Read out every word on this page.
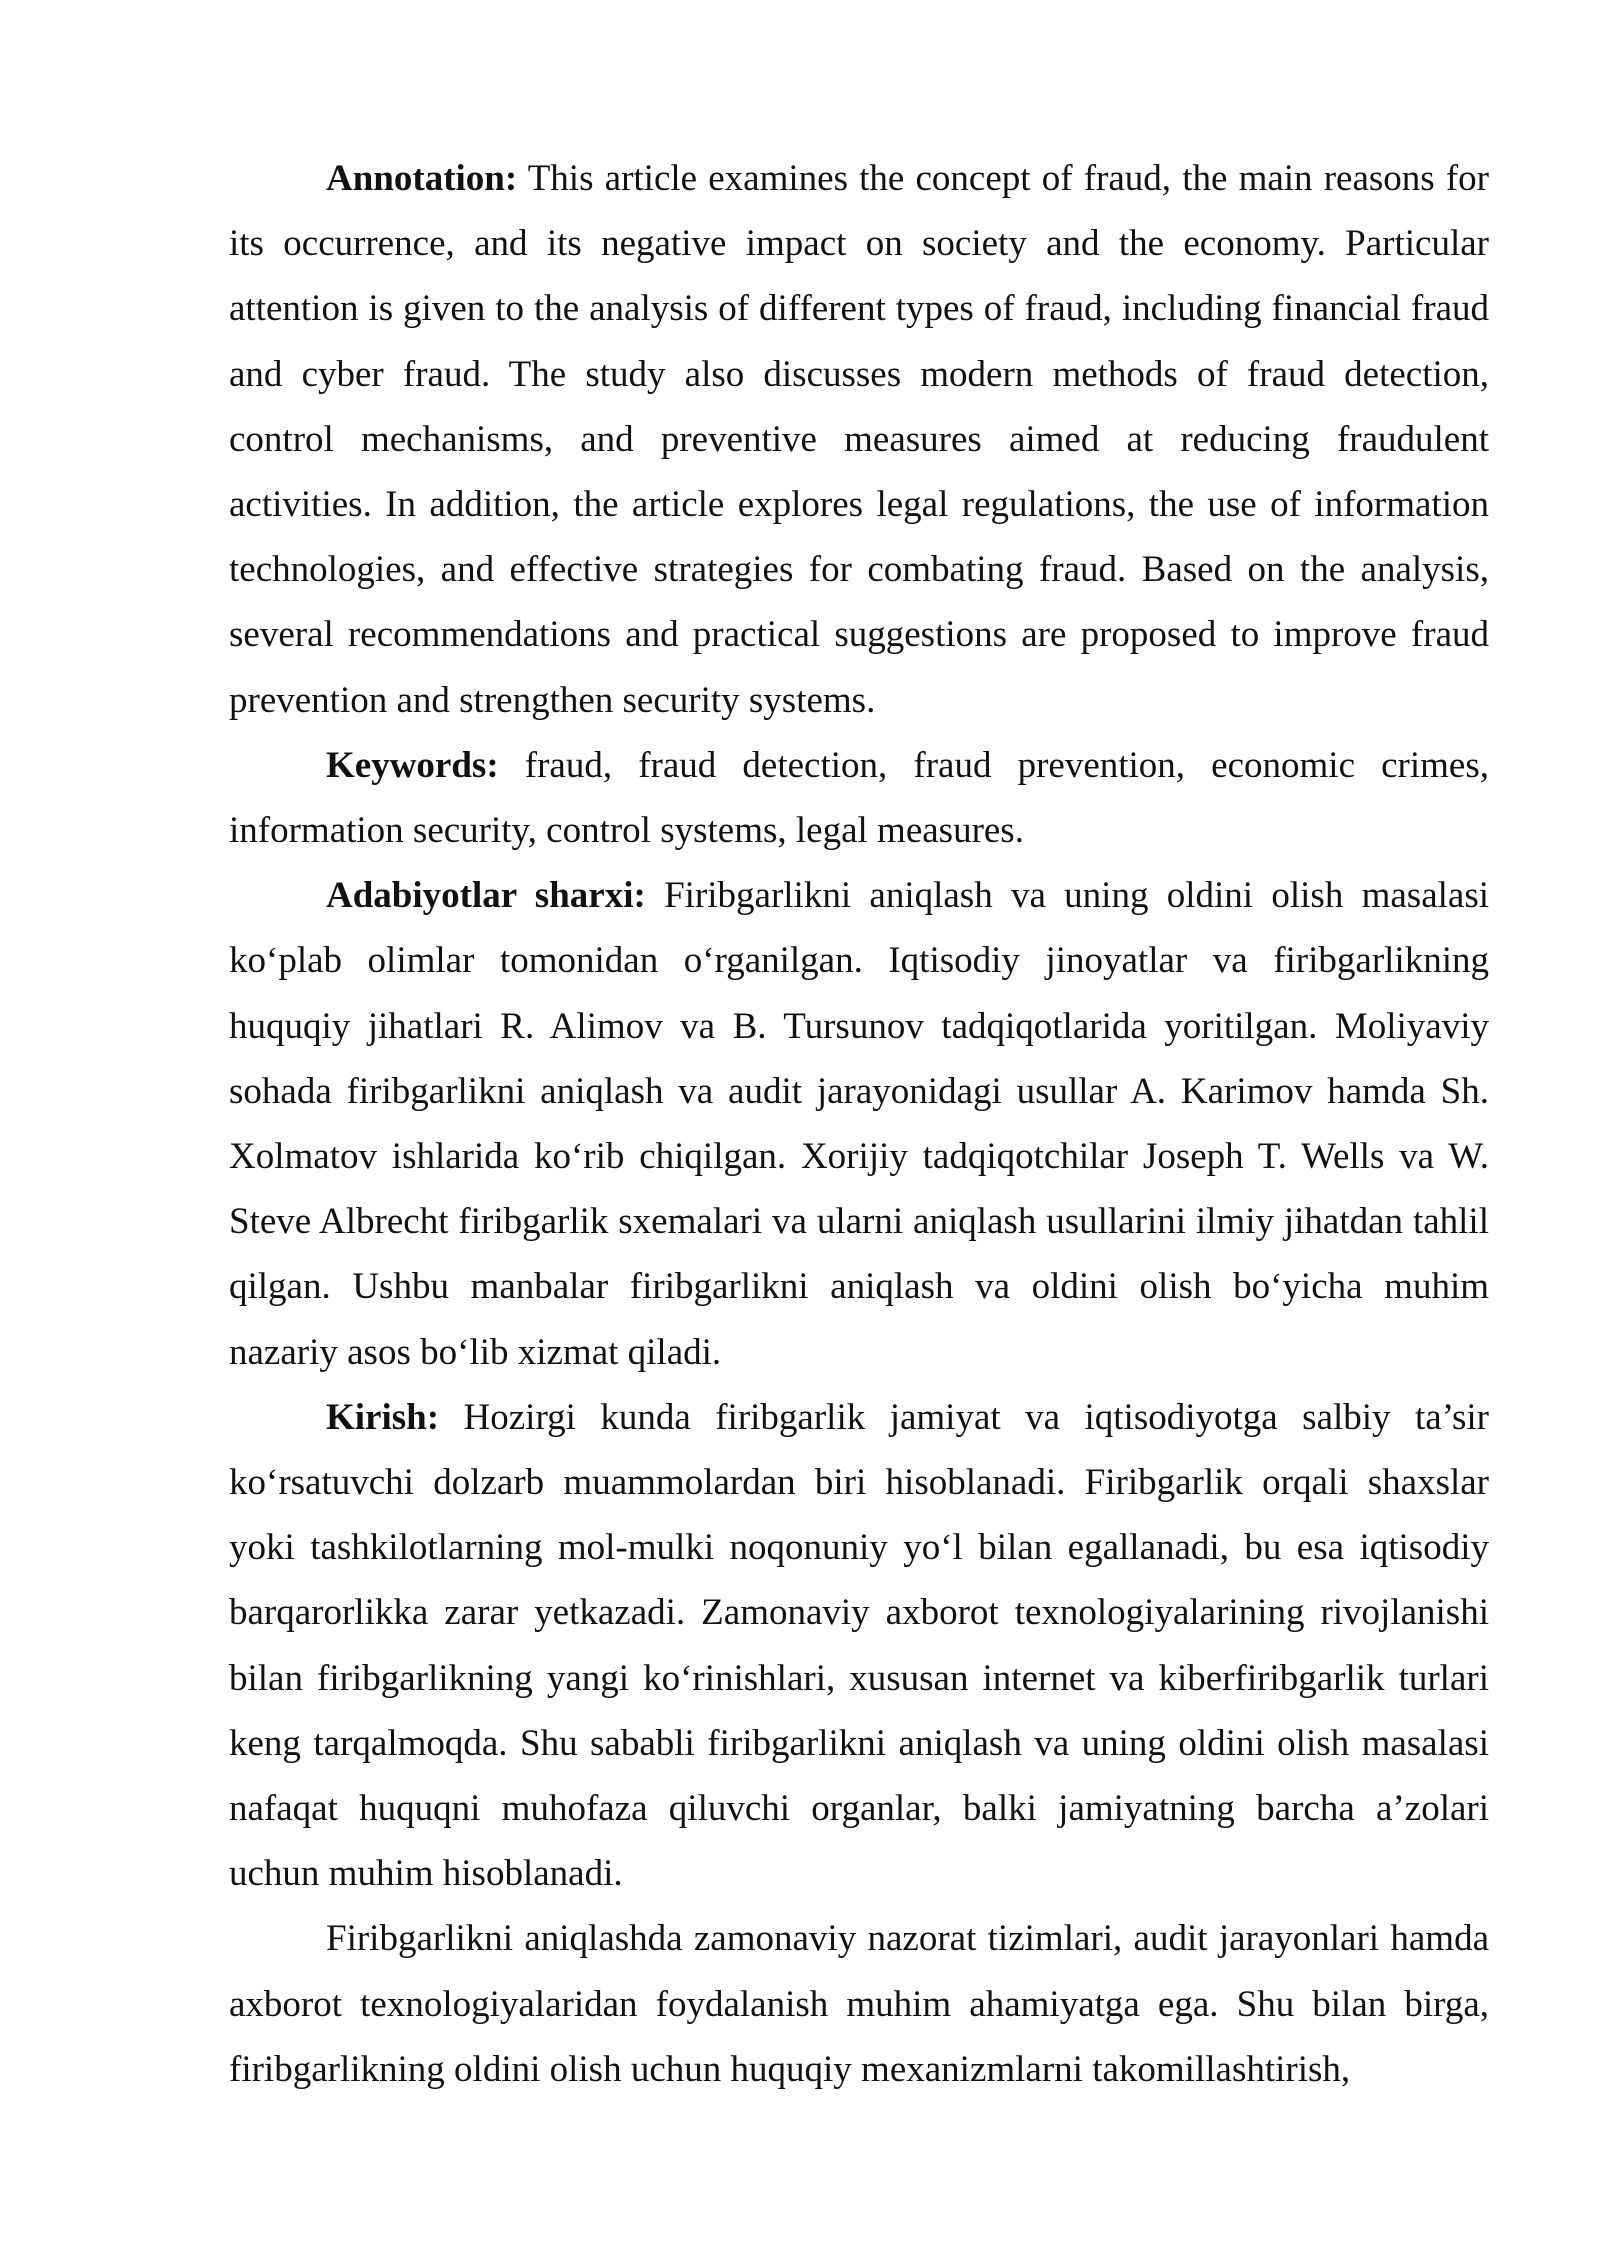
Annotation: This article examines the concept of fraud, the main reasons for its occurrence, and its negative impact on society and the economy. Particular attention is given to the analysis of different types of fraud, including financial fraud and cyber fraud. The study also discusses modern methods of fraud detection, control mechanisms, and preventive measures aimed at reducing fraudulent activities. In addition, the article explores legal regulations, the use of information technologies, and effective strategies for combating fraud. Based on the analysis, several recommendations and practical suggestions are proposed to improve fraud prevention and strengthen security systems.

Keywords: fraud, fraud detection, fraud prevention, economic crimes, information security, control systems, legal measures.

Adabiyotlar sharxi: Firibgarlikni aniqlash va uning oldini olish masalasi koʻplab olimlar tomonidan oʻrganilgan. Iqtisodiy jinoyatlar va firibgarlikning huquqiy jihatlari R. Alimov va B. Tursunov tadqiqotlarida yoritilgan. Moliyaviy sohada firibgarlikni aniqlash va audit jarayonidagi usullar A. Karimov hamda Sh. Xolmatov ishlarida koʻrib chiqilgan. Xorijiy tadqiqotchilar Joseph T. Wells va W. Steve Albrecht firibgarlik sxemalari va ularni aniqlash usullarini ilmiy jihatdan tahlil qilgan. Ushbu manbalar firibgarlikni aniqlash va oldini olish boʻyicha muhim nazariy asos boʻlib xizmat qiladi.

Kirish: Hozirgi kunda firibgarlik jamiyat va iqtisodiyotga salbiy ta’sir koʻrsatuvchi dolzarb muammolardan biri hisoblanadi. Firibgarlik orqali shaxslar yoki tashkilotlarning mol-mulki noqonuniy yoʻl bilan egallanadi, bu esa iqtisodiy barqarorlikka zarar yetkazadi. Zamonaviy axborot texnologiyalarining rivojlanishi bilan firibgarlikning yangi koʻrinishlari, xususan internet va kiberfiribgarlik turlari keng tarqalmoqda. Shu sababli firibgarlikni aniqlash va uning oldini olish masalasi nafaqat huquqni muhofaza qiluvchi organlar, balki jamiyatning barcha a’zolari uchun muhim hisoblanadi.

Firibgarlikni aniqlashda zamonaviy nazorat tizimlari, audit jarayonlari hamda axborot texnologiyalaridan foydalanish muhim ahamiyatga ega. Shu bilan birga, firibgarlikning oldini olish uchun huquqiy mexanizmlarni takomillashtirish,
